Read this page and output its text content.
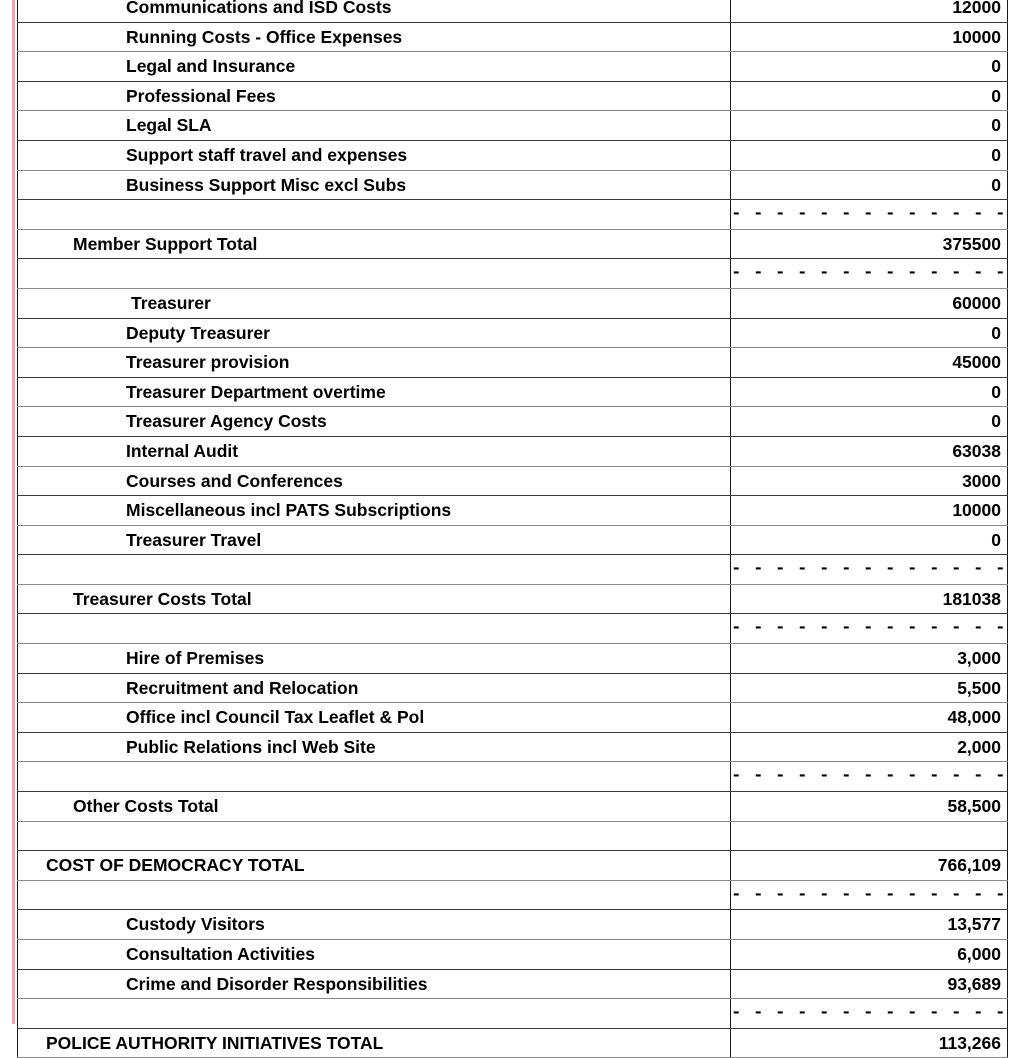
Communications and ISD Costs	12000
Running Costs - Office Expenses	10000
Legal and Insurance	0
Professional Fees	0
Legal SLA	0
Support staff travel and expenses	0
Business Support Misc excl Subs	0
	- - - - - - - - - - - - -
Member Support Total	375500
	- - - - - - - - - - - - -
Treasurer	60000
Deputy Treasurer	0
Treasurer provision	45000
Treasurer Department overtime	0
Treasurer Agency Costs	0
Internal Audit	63038
Courses and Conferences	3000
Miscellaneous incl PATS Subscriptions	10000
Treasurer Travel	0
	- - - - - - - - - - - - -
Treasurer Costs Total	181038
	- - - - - - - - - - - - -
Hire of Premises	3,000
Recruitment and Relocation	5,500
Office incl Council Tax Leaflet & Pol	48,000
Public Relations incl Web Site	2,000
	- - - - - - - - - - - - -
Other Costs Total	58,500

COST OF DEMOCRACY TOTAL	766,109
	- - - - - - - - - - - - -
Custody Visitors	13,577
Consultation Activities	6,000
Crime and Disorder Responsibilities	93,689
	- - - - - - - - - - - - -
POLICE AUTHORITY INITIATIVES TOTAL	113,266
